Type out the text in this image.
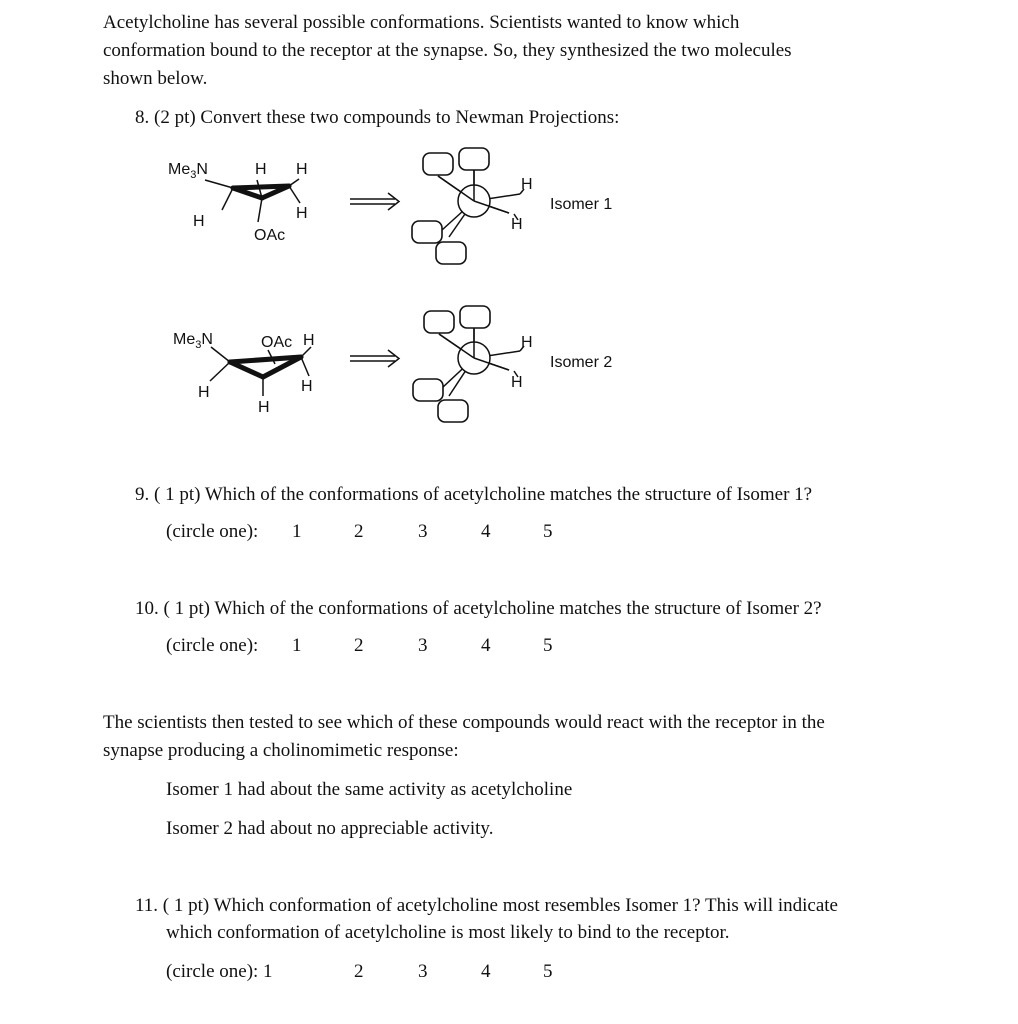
Acetylcholine has several possible conformations. Scientists wanted to know which
conformation bound to the receptor at the synapse. So, they synthesized the two molecules
shown below.
8. (2 pt) Convert these two compounds to Newman Projections:
$Me_3N$	H H
H	H
OAc
H
H
Isomer 1
$Me_3N$	OAc H
H	H
H
H
H
Isomer 2
9. ( 1 pt) Which of the conformations of acetylcholine matches the structure of Isomer 1?
(circle one): 1	2	3	4	5
10. ( 1 pt) Which of the conformations of acetylcholine matches the structure of Isomer 2?
(circle one): 1	2	3	4	5
The scientists then tested to see which of these compounds would react with the receptor in the
synapse producing a cholinomimetic response:
Isomer 1 had about the same activity as acetylcholine
Isomer 2 had about no appreciable activity.
11. ( 1 pt) Which conformation of acetylcholine most resembles Isomer 1? This will indicate
which conformation of acetylcholine is most likely to bind to the receptor.
(circle one): 1	2	3	4	5
